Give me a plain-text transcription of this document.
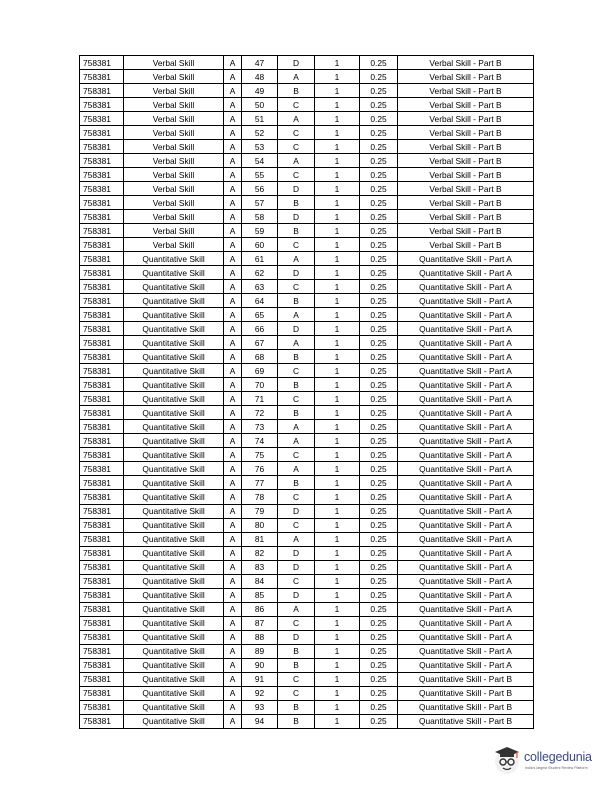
758381	Verbal Skill	A	47	D	1	0.25	Verbal Skill - Part B
758381	Verbal Skill	A	48	A	1	0.25	Verbal Skill - Part B
758381	Verbal Skill	A	49	B	1	0.25	Verbal Skill - Part B
758381	Verbal Skill	A	50	C	1	0.25	Verbal Skill - Part B
758381	Verbal Skill	A	51	A	1	0.25	Verbal Skill - Part B
758381	Verbal Skill	A	52	C	1	0.25	Verbal Skill - Part B
758381	Verbal Skill	A	53	C	1	0.25	Verbal Skill - Part B
758381	Verbal Skill	A	54	A	1	0.25	Verbal Skill - Part B
758381	Verbal Skill	A	55	C	1	0.25	Verbal Skill - Part B
758381	Verbal Skill	A	56	D	1	0.25	Verbal Skill - Part B
758381	Verbal Skill	A	57	B	1	0.25	Verbal Skill - Part B
758381	Verbal Skill	A	58	D	1	0.25	Verbal Skill - Part B
758381	Verbal Skill	A	59	B	1	0.25	Verbal Skill - Part B
758381	Verbal Skill	A	60	C	1	0.25	Verbal Skill - Part B
758381	Quantitative Skill	A	61	A	1	0.25	Quantitative Skill - Part A
758381	Quantitative Skill	A	62	D	1	0.25	Quantitative Skill - Part A
758381	Quantitative Skill	A	63	C	1	0.25	Quantitative Skill - Part A
758381	Quantitative Skill	A	64	B	1	0.25	Quantitative Skill - Part A
758381	Quantitative Skill	A	65	A	1	0.25	Quantitative Skill - Part A
758381	Quantitative Skill	A	66	D	1	0.25	Quantitative Skill - Part A
758381	Quantitative Skill	A	67	A	1	0.25	Quantitative Skill - Part A
758381	Quantitative Skill	A	68	B	1	0.25	Quantitative Skill - Part A
758381	Quantitative Skill	A	69	C	1	0.25	Quantitative Skill - Part A
758381	Quantitative Skill	A	70	B	1	0.25	Quantitative Skill - Part A
758381	Quantitative Skill	A	71	C	1	0.25	Quantitative Skill - Part A
758381	Quantitative Skill	A	72	B	1	0.25	Quantitative Skill - Part A
758381	Quantitative Skill	A	73	A	1	0.25	Quantitative Skill - Part A
758381	Quantitative Skill	A	74	A	1	0.25	Quantitative Skill - Part A
758381	Quantitative Skill	A	75	C	1	0.25	Quantitative Skill - Part A
758381	Quantitative Skill	A	76	A	1	0.25	Quantitative Skill - Part A
758381	Quantitative Skill	A	77	B	1	0.25	Quantitative Skill - Part A
758381	Quantitative Skill	A	78	C	1	0.25	Quantitative Skill - Part A
758381	Quantitative Skill	A	79	D	1	0.25	Quantitative Skill - Part A
758381	Quantitative Skill	A	80	C	1	0.25	Quantitative Skill - Part A
758381	Quantitative Skill	A	81	A	1	0.25	Quantitative Skill - Part A
758381	Quantitative Skill	A	82	D	1	0.25	Quantitative Skill - Part A
758381	Quantitative Skill	A	83	D	1	0.25	Quantitative Skill - Part A
758381	Quantitative Skill	A	84	C	1	0.25	Quantitative Skill - Part A
758381	Quantitative Skill	A	85	D	1	0.25	Quantitative Skill - Part A
758381	Quantitative Skill	A	86	A	1	0.25	Quantitative Skill - Part A
758381	Quantitative Skill	A	87	C	1	0.25	Quantitative Skill - Part A
758381	Quantitative Skill	A	88	D	1	0.25	Quantitative Skill - Part A
758381	Quantitative Skill	A	89	B	1	0.25	Quantitative Skill - Part A
758381	Quantitative Skill	A	90	B	1	0.25	Quantitative Skill - Part A
758381	Quantitative Skill	A	91	C	1	0.25	Quantitative Skill - Part B
758381	Quantitative Skill	A	92	C	1	0.25	Quantitative Skill - Part B
758381	Quantitative Skill	A	93	B	1	0.25	Quantitative Skill - Part B
758381	Quantitative Skill	A	94	B	1	0.25	Quantitative Skill - Part B
collegedunia
India's largest Student Review Platform
